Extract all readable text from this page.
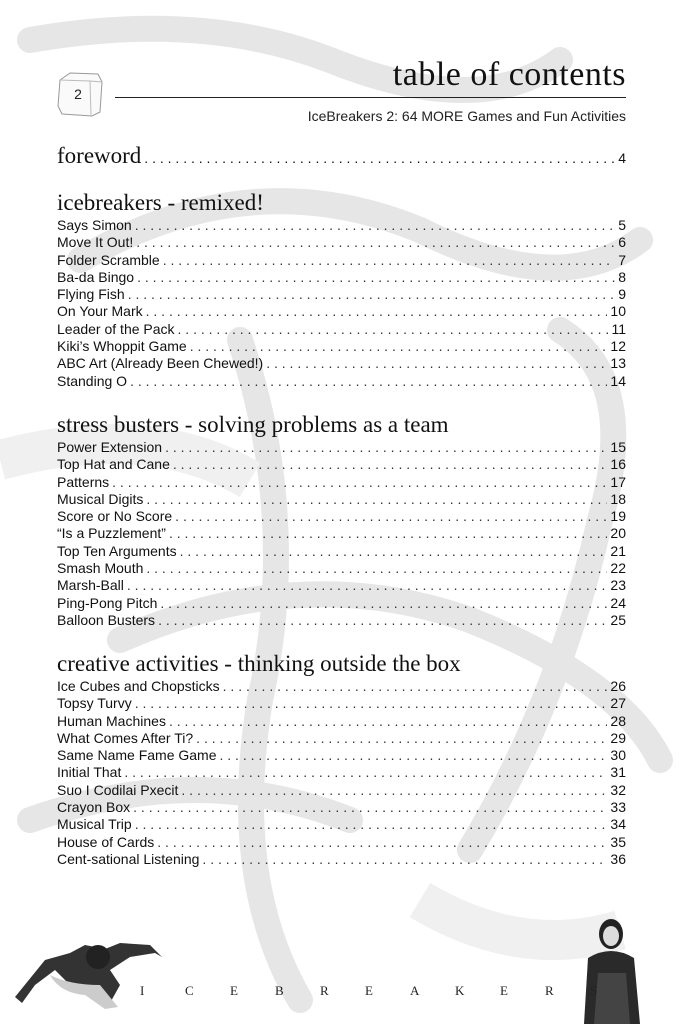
2
table of contents
IceBreakers 2: 64 MORE Games and Fun Activities
foreword . . .	4
icebreakers - remixed!
Says Simon . . .	5
Move It Out! . . .	6
Folder Scramble . . .	7
Ba-da Bingo . . .	8
Flying Fish . . .	9
On Your Mark . . .	10
Leader of the Pack . . .	11
Kiki’s Whoppit Game . . .	12
ABC Art (Already Been Chewed!) . . .	13
Standing O . . .	14
stress busters - solving problems as a team
Power Extension . . .	15
Top Hat and Cane . . .	16
Patterns . . .	17
Musical Digits . . .	18
Score or No Score . . .	19
“Is a Puzzlement” . . .	20
Top Ten Arguments . . .	21
Smash Mouth . . .	22
Marsh-Ball . . .	23
Ping-Pong Pitch . . .	24
Balloon Busters . . .	25
creative activities - thinking outside the box
Ice Cubes and Chopsticks . . .	26
Topsy Turvy . . .	27
Human Machines . . .	28
What Comes After Ti? . . .	29
Same Name Fame Game . . .	30
Initial That . . .	31
Suo I Codilai Pxecit . . .	32
Crayon Box . . .	33
Musical Trip . . .	34
House of Cards . . .	35
Cent-sational Listening . . .	36
I	C	E	B	R	E	A	K	E	R	S
